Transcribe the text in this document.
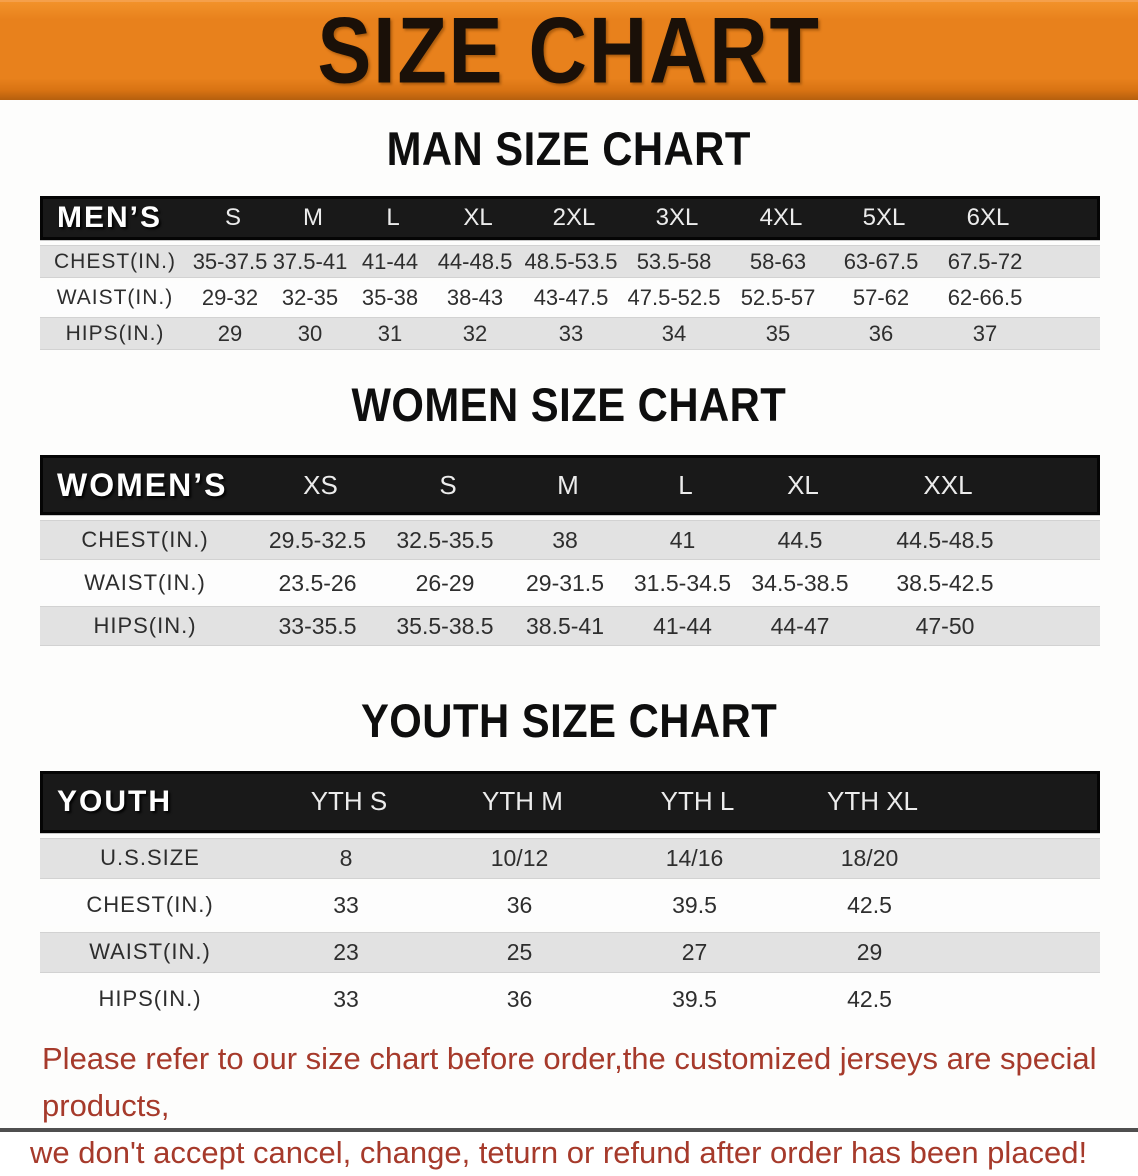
SIZE CHART
MAN SIZE CHART
MEN’S	S	M	L	XL	2XL	3XL	4XL	5XL	6XL
CHEST(IN.) 35-37.5 37.5-41 41-44 44-48.5 48.5-53.5 53.5-58	58-63	63-67.5	67.5-72
WAIST(IN.)	29-32	32-35	35-38	38-43	43-47.5 47.5-52.5 52.5-57	57-62	62-66.5
HIPS(IN.)	29	30	31	32	33	34	35	36	37
WOMEN SIZE CHART
WOMEN’S	XS	S	M	L	XL	XXL
CHEST(IN.)	29.5-32.5	32.5-35.5	38	41	44.5	44.5-48.5
WAIST(IN.)	23.5-26	26-29	29-31.5	31.5-34.5 34.5-38.5	38.5-42.5
HIPS(IN.)	33-35.5	35.5-38.5	38.5-41	41-44	44-47	47-50
YOUTH SIZE CHART
YOUTH	YTH S	YTH M	YTH L	YTH XL
U.S.SIZE	8	10/12	14/16	18/20
CHEST(IN.)	33	36	39.5	42.5
WAIST(IN.)	23	25	27	29
HIPS(IN.)	33	36	39.5	42.5
Please refer to our size chart before order,the customized jerseys are special products,
we don't accept cancel, change, teturn or refund after order has been placed!
